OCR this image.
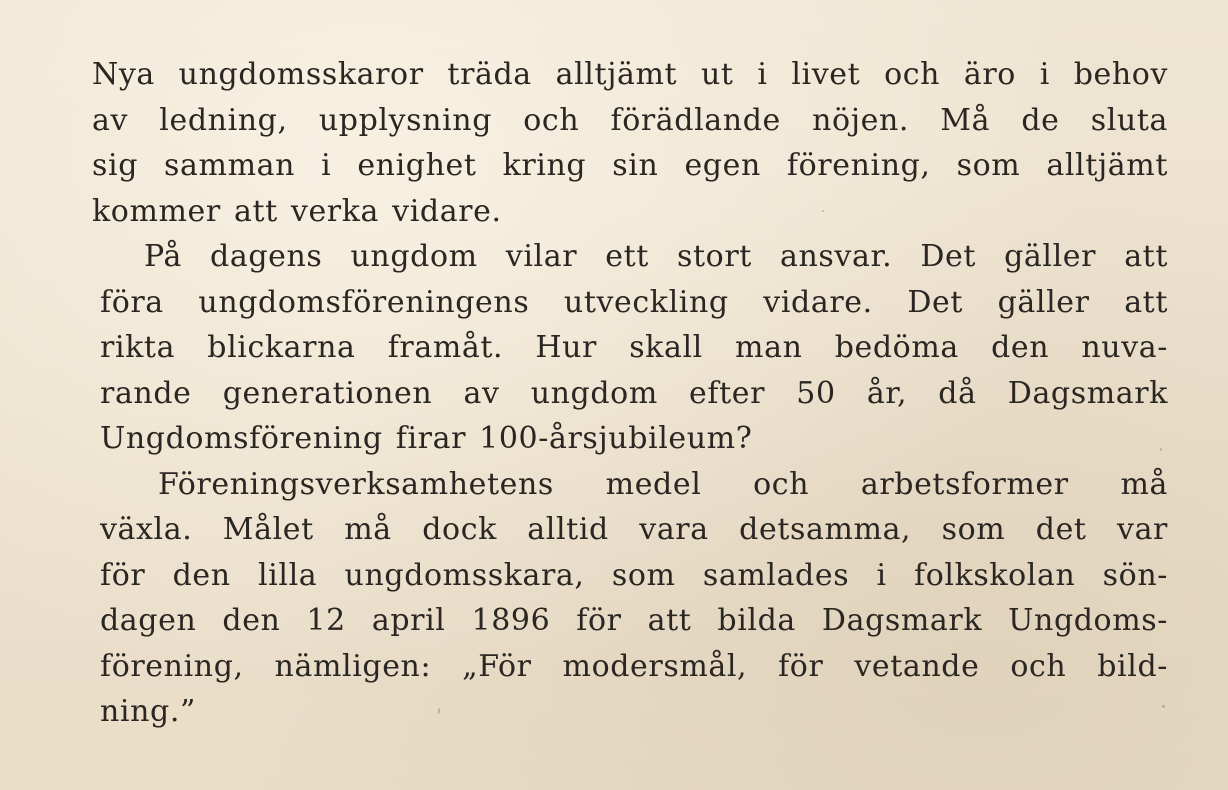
Nya ungdomsskaror träda alltjämt ut i livet och äro i behov
av ledning, upplysning och förädlande nöjen. Må de sluta
sig samman i enighet kring sin egen förening, som alltjämt
kommer att verka vidare.
På dagens ungdom vilar ett stort ansvar. Det gäller att
föra ungdomsföreningens utveckling vidare. Det gäller att
rikta blickarna framåt. Hur skall man bedöma den nuva-
rande generationen av ungdom efter 50 år, då Dagsmark
Ungdomsförening firar 100-årsjubileum?
Föreningsverksamhetens medel och arbetsformer må
växla. Målet må dock alltid vara detsamma, som det var
för den lilla ungdomsskara, som samlades i folkskolan sön-
dagen den 12 april 1896 för att bilda Dagsmark Ungdoms-
förening, nämligen: „För modersmål, för vetande och bild-
ning.”
